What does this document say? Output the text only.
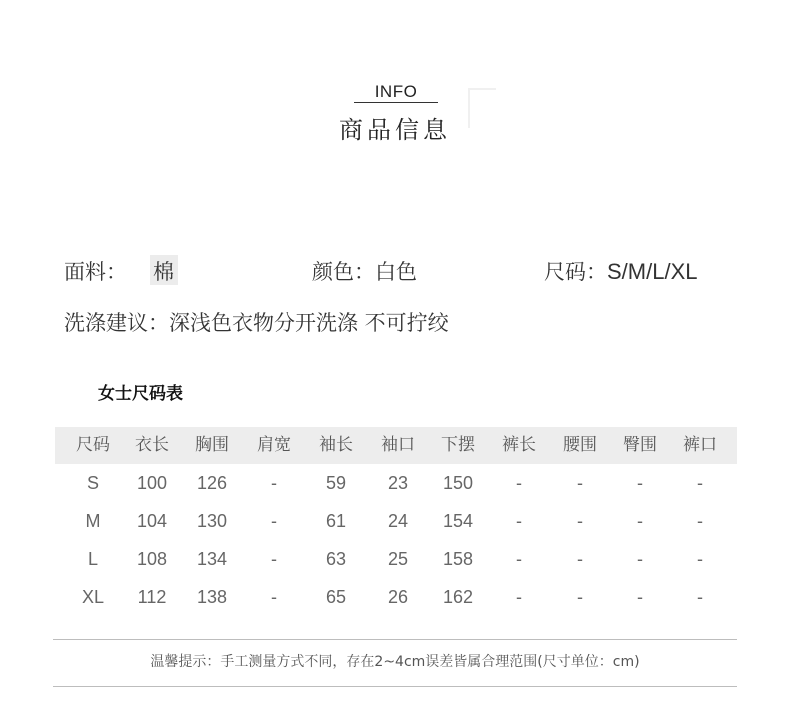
INFO
商品信息
面料： 棉	颜色：白色	尺码：S/M/L/XL
洗涤建议：深浅色衣物分开洗涤 不可拧绞
女士尺码表
尺码 衣长 胸围 肩宽 袖长 袖口 下摆 裤长 腰围 臀围 裤口
S 100 126 -	59 23 150 -	-	-	-
M 104 130 -	61 24 154 -	-	-	-
L 108 134 -	63 25 158 -	-	-	-
XL 112 138 -	65 26 162 -	-	-	-
温馨提示：手工测量方式不同，存在2~4cm误差皆属合理范围(尺寸单位：cm)
